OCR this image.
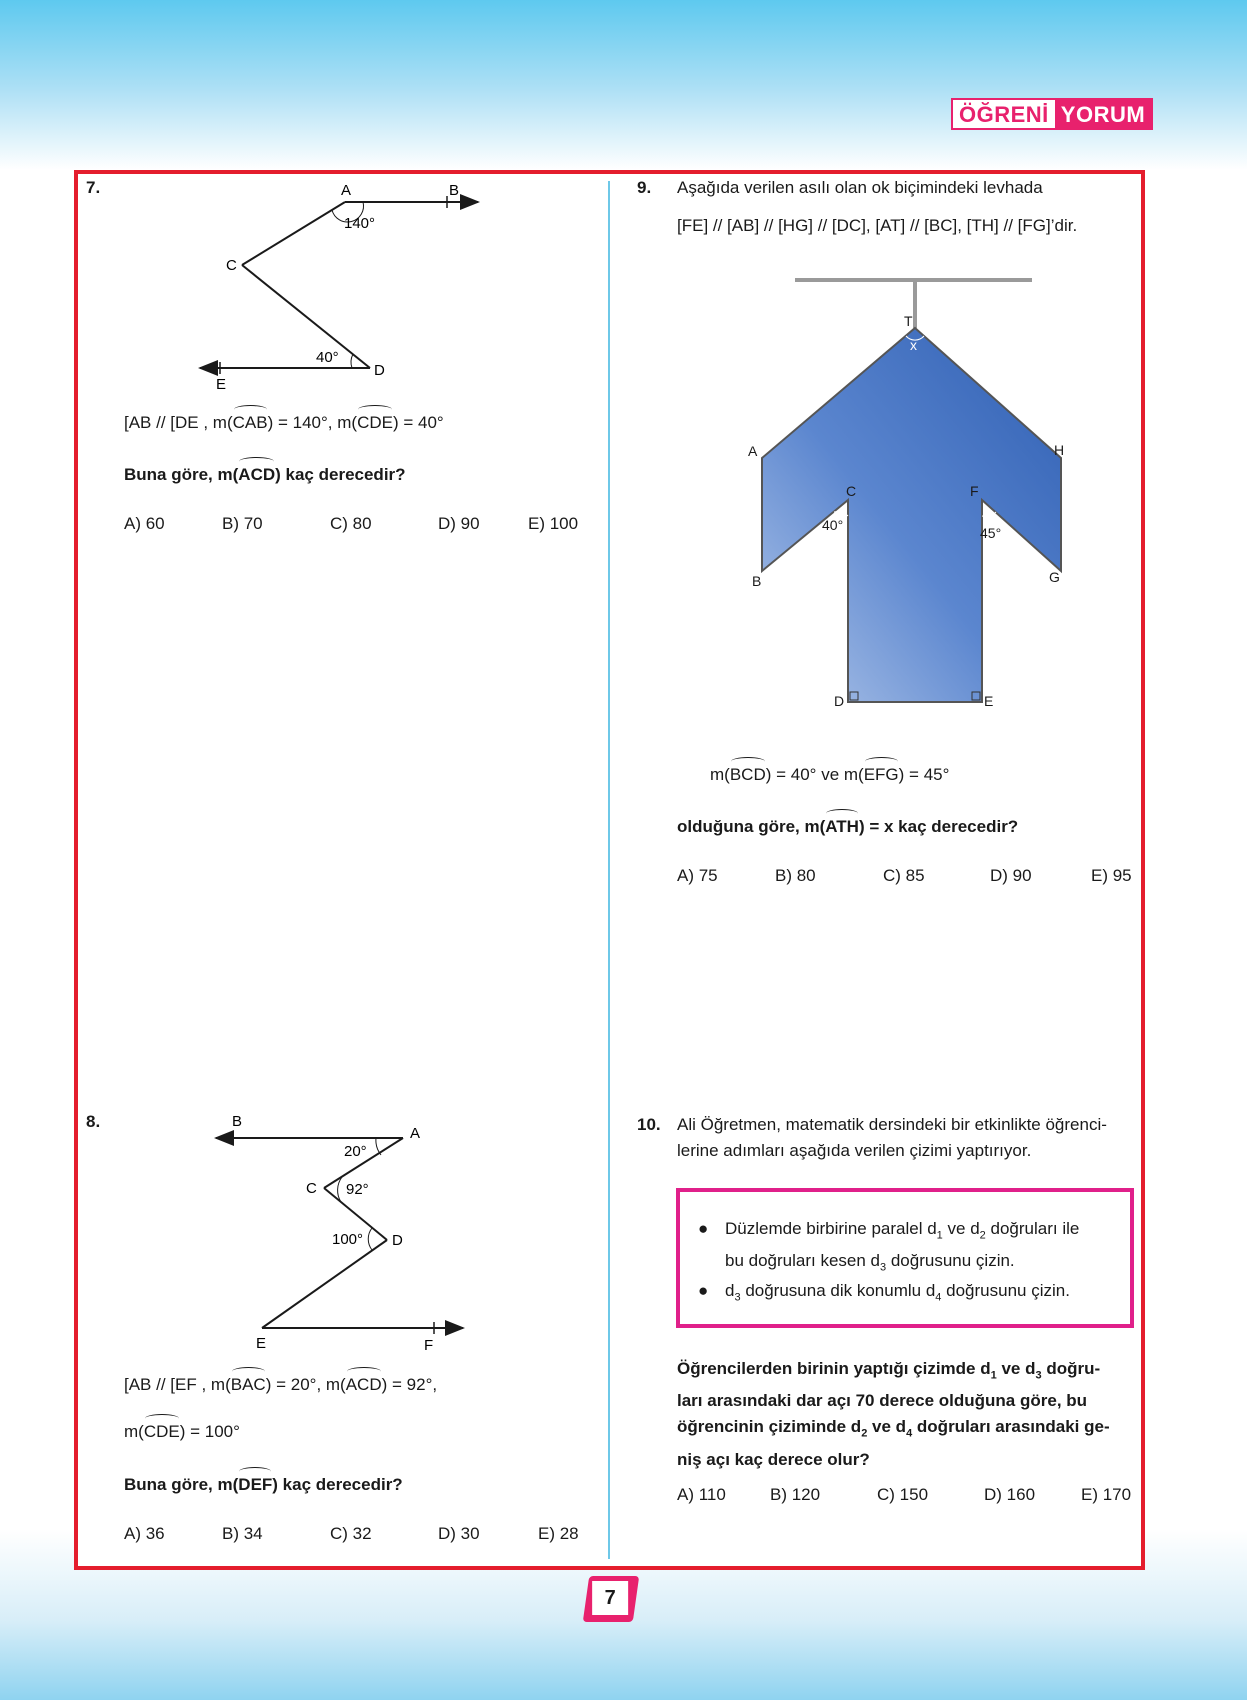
ÖĞRENİ YORUM
7.	A	B
C
D
E
140°
40°
[AB // [DE , m(CAB) = 140°, m(CDE) = 40°
Buna göre, m(ACD) kaç derecedir?
A) 60	B) 70	C) 80	D) 90	E) 100
8.	B
A
C
D
E	F
20°
92°
100°
[AB // [EF , m(BAC) = 20°, m(ACD) = 92°,
m(CDE) = 100°
Buna göre, m(DEF) kaç derecedir?
A) 36	B) 34	C) 32	D) 30	E) 28
9. Aşağıda verilen asılı olan ok biçimindeki levhada
[FE] // [AB] // [HG] // [DC], [AT] // [BC], [TH] // [FG]’dir.
T
x
A
B
C
D	E
F
G
H
40°	45°
m(BCD) = 40° ve m(EFG) = 45°
olduğuna göre, m(ATH) = x kaç derecedir?
A) 75	B) 80	C) 85	D) 90	E) 95
10. Ali Öğretmen, matematik dersindeki bir etkinlikte öğrenci-
lerine adımları aşağıda verilen çizimi yaptırıyor.
● Düzlemde birbirine paralel $d_1$ ve $d_2$ doğruları ile
bu doğruları kesen $d_3$ doğrusunu çizin.
● $d_3$ doğrusuna dik konumlu $d_4$ doğrusunu çizin.
Öğrencilerden birinin yaptığı çizimde $d_1$ ve $d_3$ doğru-
ları arasındaki dar açı 70 derece olduğuna göre, bu
öğrencinin çiziminde $d_2$ ve $d_4$ doğruları arasındaki ge-
niş açı kaç derece olur?
A) 110	B) 120	C) 150	D) 160	E) 170
7
